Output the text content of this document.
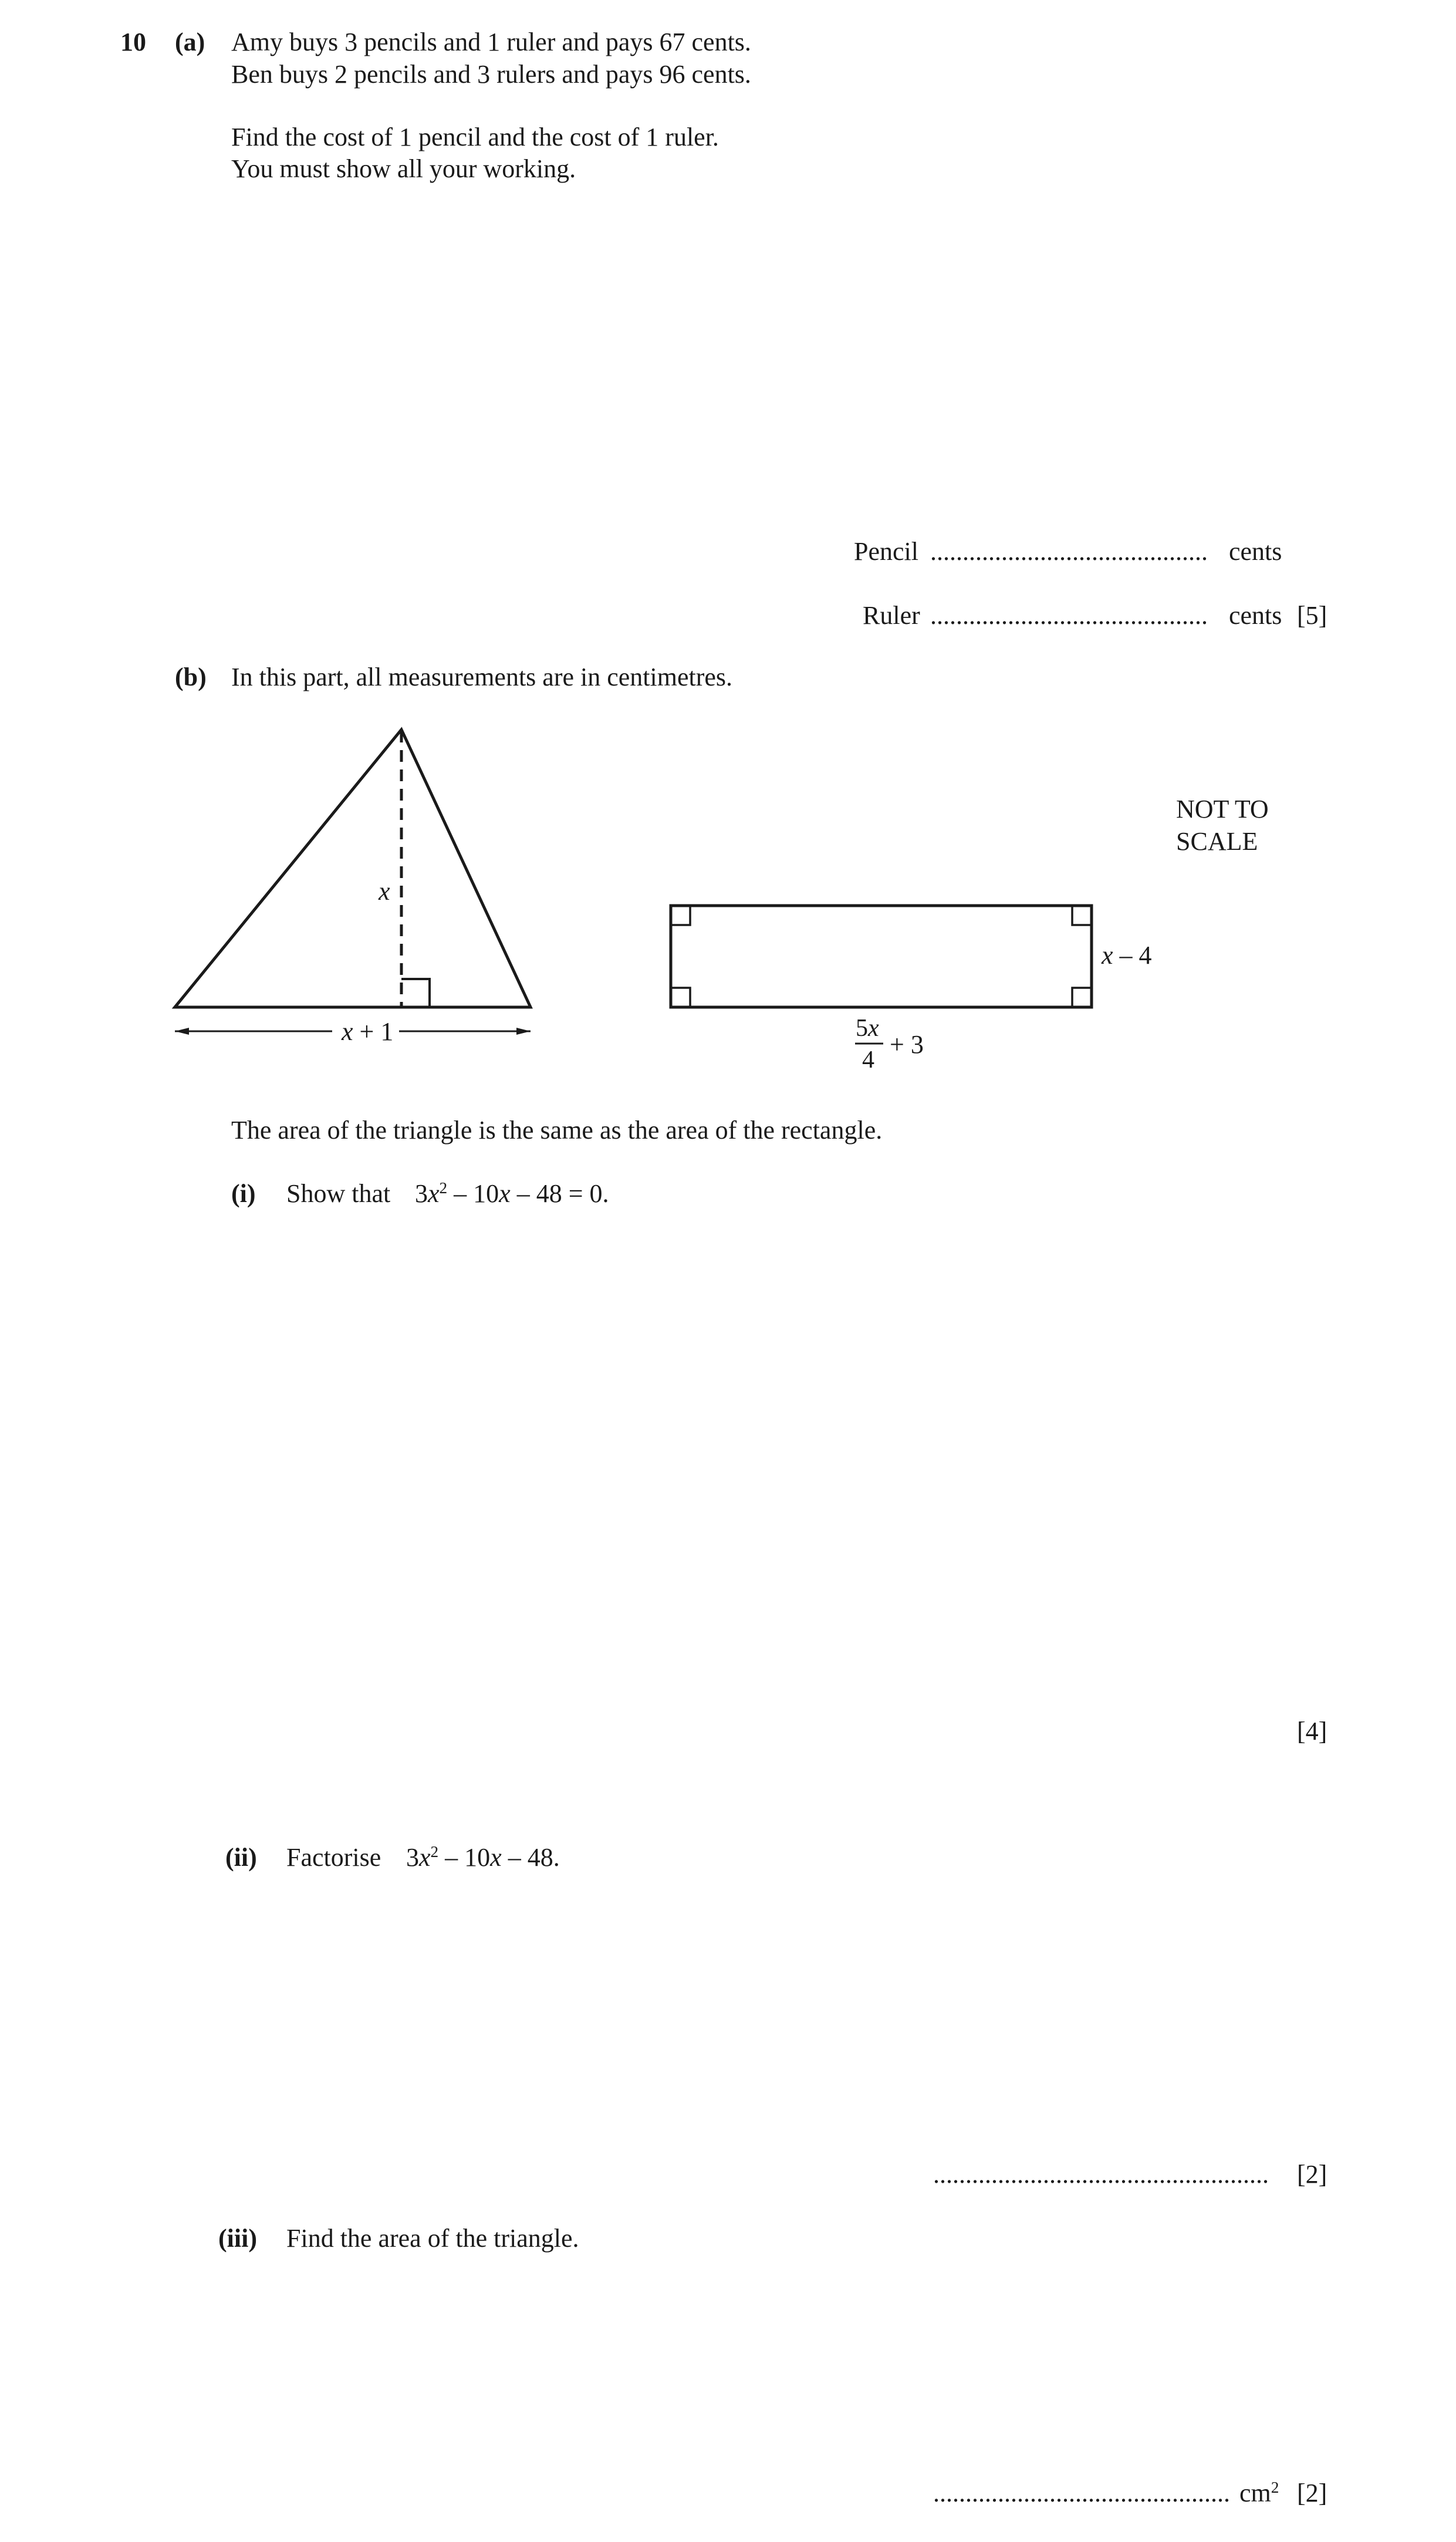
10 (a) Amy buys 3 pencils and 1 ruler and pays 67 cents.
Ben buys 2 pencils and 3 rulers and pays 96 cents.
Find the cost of 1 pencil and the cost of 1 ruler.
You must show all your working.
Pencil ........................................... cents
Ruler ........................................... cents [5]
(b) In this part, all measurements are in centimetres.
NOT TO
SCALE
x
x + 1
x – 4
5x
4
+ 3
The area of the triangle is the same as the area of the rectangle.
(i) Show that $3x^2 - 10x - 48 = 0$.
[4]
(ii) Factorise $3x^2 - 10x - 48$.
.................................................... [2]
(iii) Find the area of the triangle.
.............................................. $cm^2$ [2]
